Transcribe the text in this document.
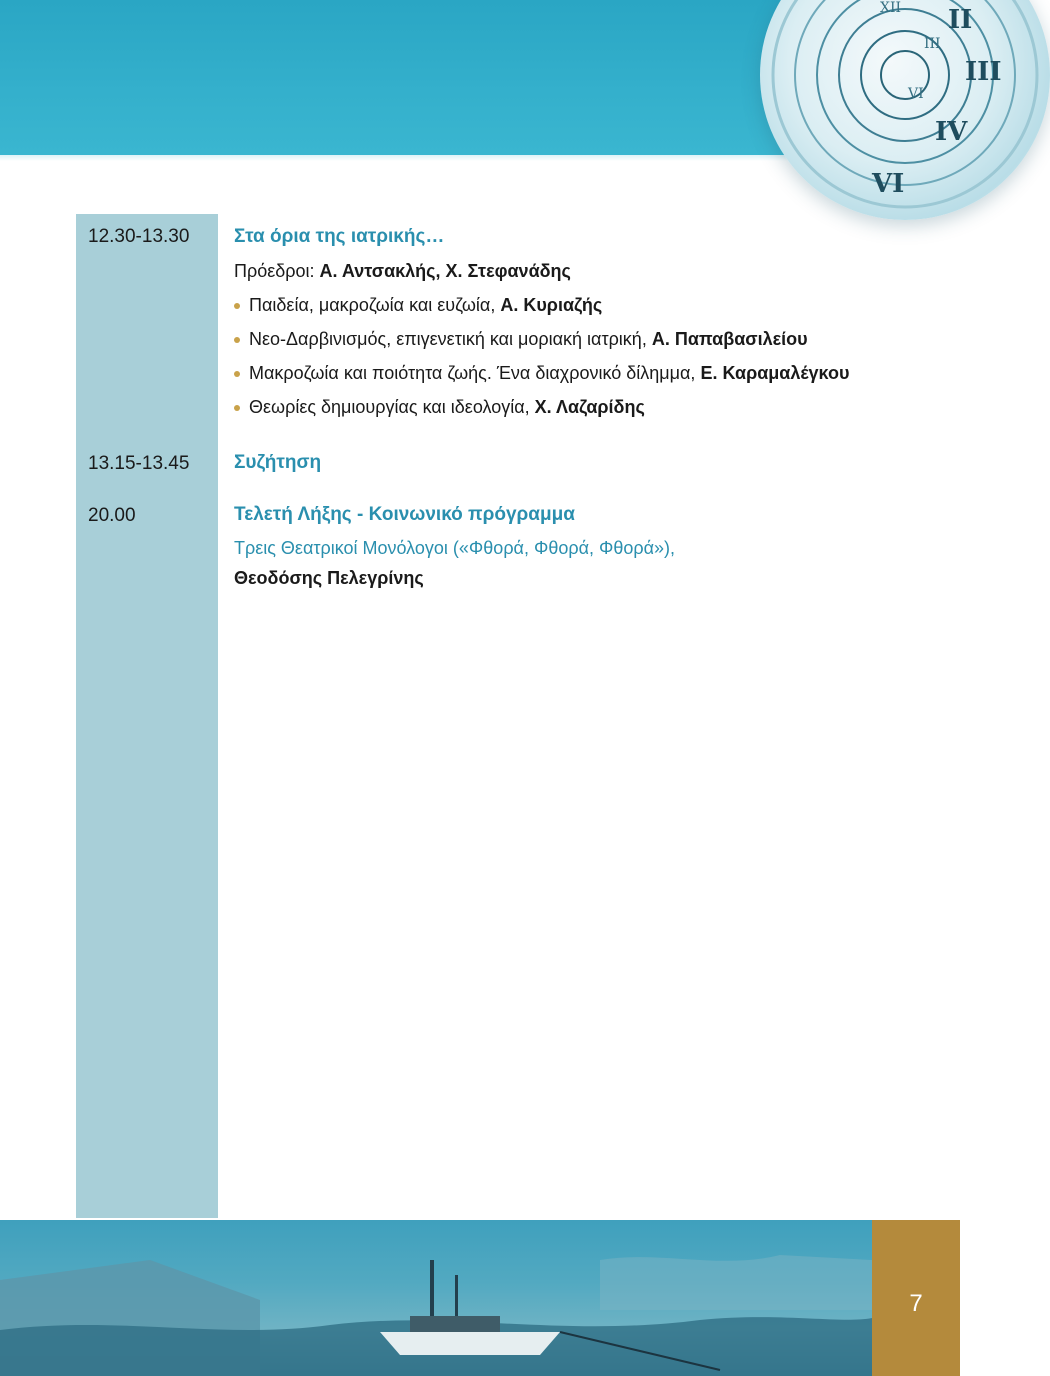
II
III
IV
VI
XII
III
VI
12.30-13.30 Στα όρια της ιατρικής…
Πρόεδροι: Α. Αντσακλής, Χ. Στεφανάδης
Παιδεία, μακροζωία και ευζωία, Α. Κυριαζής
Νεο-Δαρβινισμός, επιγενετική και μοριακή ιατρική, Α. Παπαβασιλείου
Μακροζωία και ποιότητα ζωής. Ένα διαχρονικό δίλημμα, Ε. Καραμαλέγκου
Θεωρίες δημιουργίας και ιδεολογία, Χ. Λαζαρίδης
13.15-13.45 Συζήτηση
20.00	Τελετή Λήξης - Κοινωνικό πρόγραμμα
Τρεις Θεατρικοί Μονόλογοι («Φθορά, Φθορά, Φθορά»),
Θεοδόσης Πελεγρίνης
7
